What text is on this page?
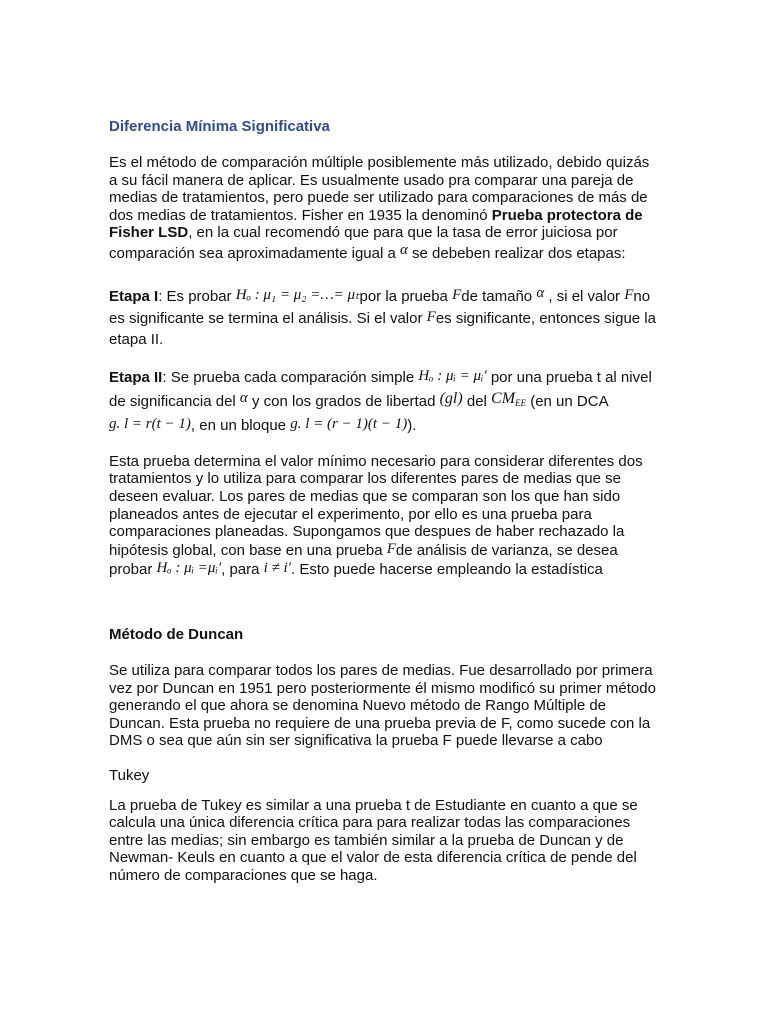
Diferencia Mínima Significativa

Es el método de comparación múltiple posiblemente más utilizado, debido quizás a su fácil manera de aplicar. Es usualmente usado pra comparar una pareja de medias de tratamientos, pero puede ser utilizado para comparaciones de más de dos medias de tratamientos. Fisher en 1935 la denominó Prueba protectora de Fisher LSD, en la cual recomendó que para que la tasa de error juiciosa por comparación sea aproximadamente igual a α se debeben realizar dos etapas:

Etapa I: Es probar Hₒ : μ₁ = μ₂ =…= μₜpor la prueba Fde tamaño α , si el valor Fno es significante se termina el análisis. Si el valor Fes significante, entonces sigue la etapa II.

Etapa II: Se prueba cada comparación simple Hₒ : μᵢ = μᵢ′ por una prueba t al nivel de significancia del α y con los grados de libertad (gl) del $CM_{EE}$ (en un DCA g. l = r(t − 1), en un bloque g. l = (r − 1)(t − 1)).

Esta prueba determina el valor mínimo necesario para considerar diferentes dos tratamientos y lo utiliza para comparar los diferentes pares de medias que se deseen evaluar. Los pares de medias que se comparan son los que han sido planeados antes de ejecutar el experimento, por ello es una prueba para comparaciones planeadas. Supongamos que despues de haber rechazado la hipótesis global, con base en una prueba Fde análisis de varianza, se desea probar Hₒ : μᵢ =μᵢ′, para i ≠ i′. Esto puede hacerse empleando la estadística

Método de Duncan

Se utiliza para comparar todos los pares de medias. Fue desarrollado por primera vez por Duncan en 1951 pero posteriormente él mismo modificó su primer método generando el que ahora se denomina Nuevo método de Rango Múltiple de Duncan. Esta prueba no requiere de una prueba previa de F, como sucede con la DMS o sea que aún sin ser significativa la prueba F puede llevarse a cabo

Tukey

La prueba de Tukey es similar a una prueba t de Estudiante en cuanto a que se calcula una única diferencia crítica para para realizar todas las comparaciones entre las medias; sin embargo es también similar a la prueba de Duncan y de Newman- Keuls en cuanto a que el valor de esta diferencia crítica de pende del número de comparaciones que se haga.
